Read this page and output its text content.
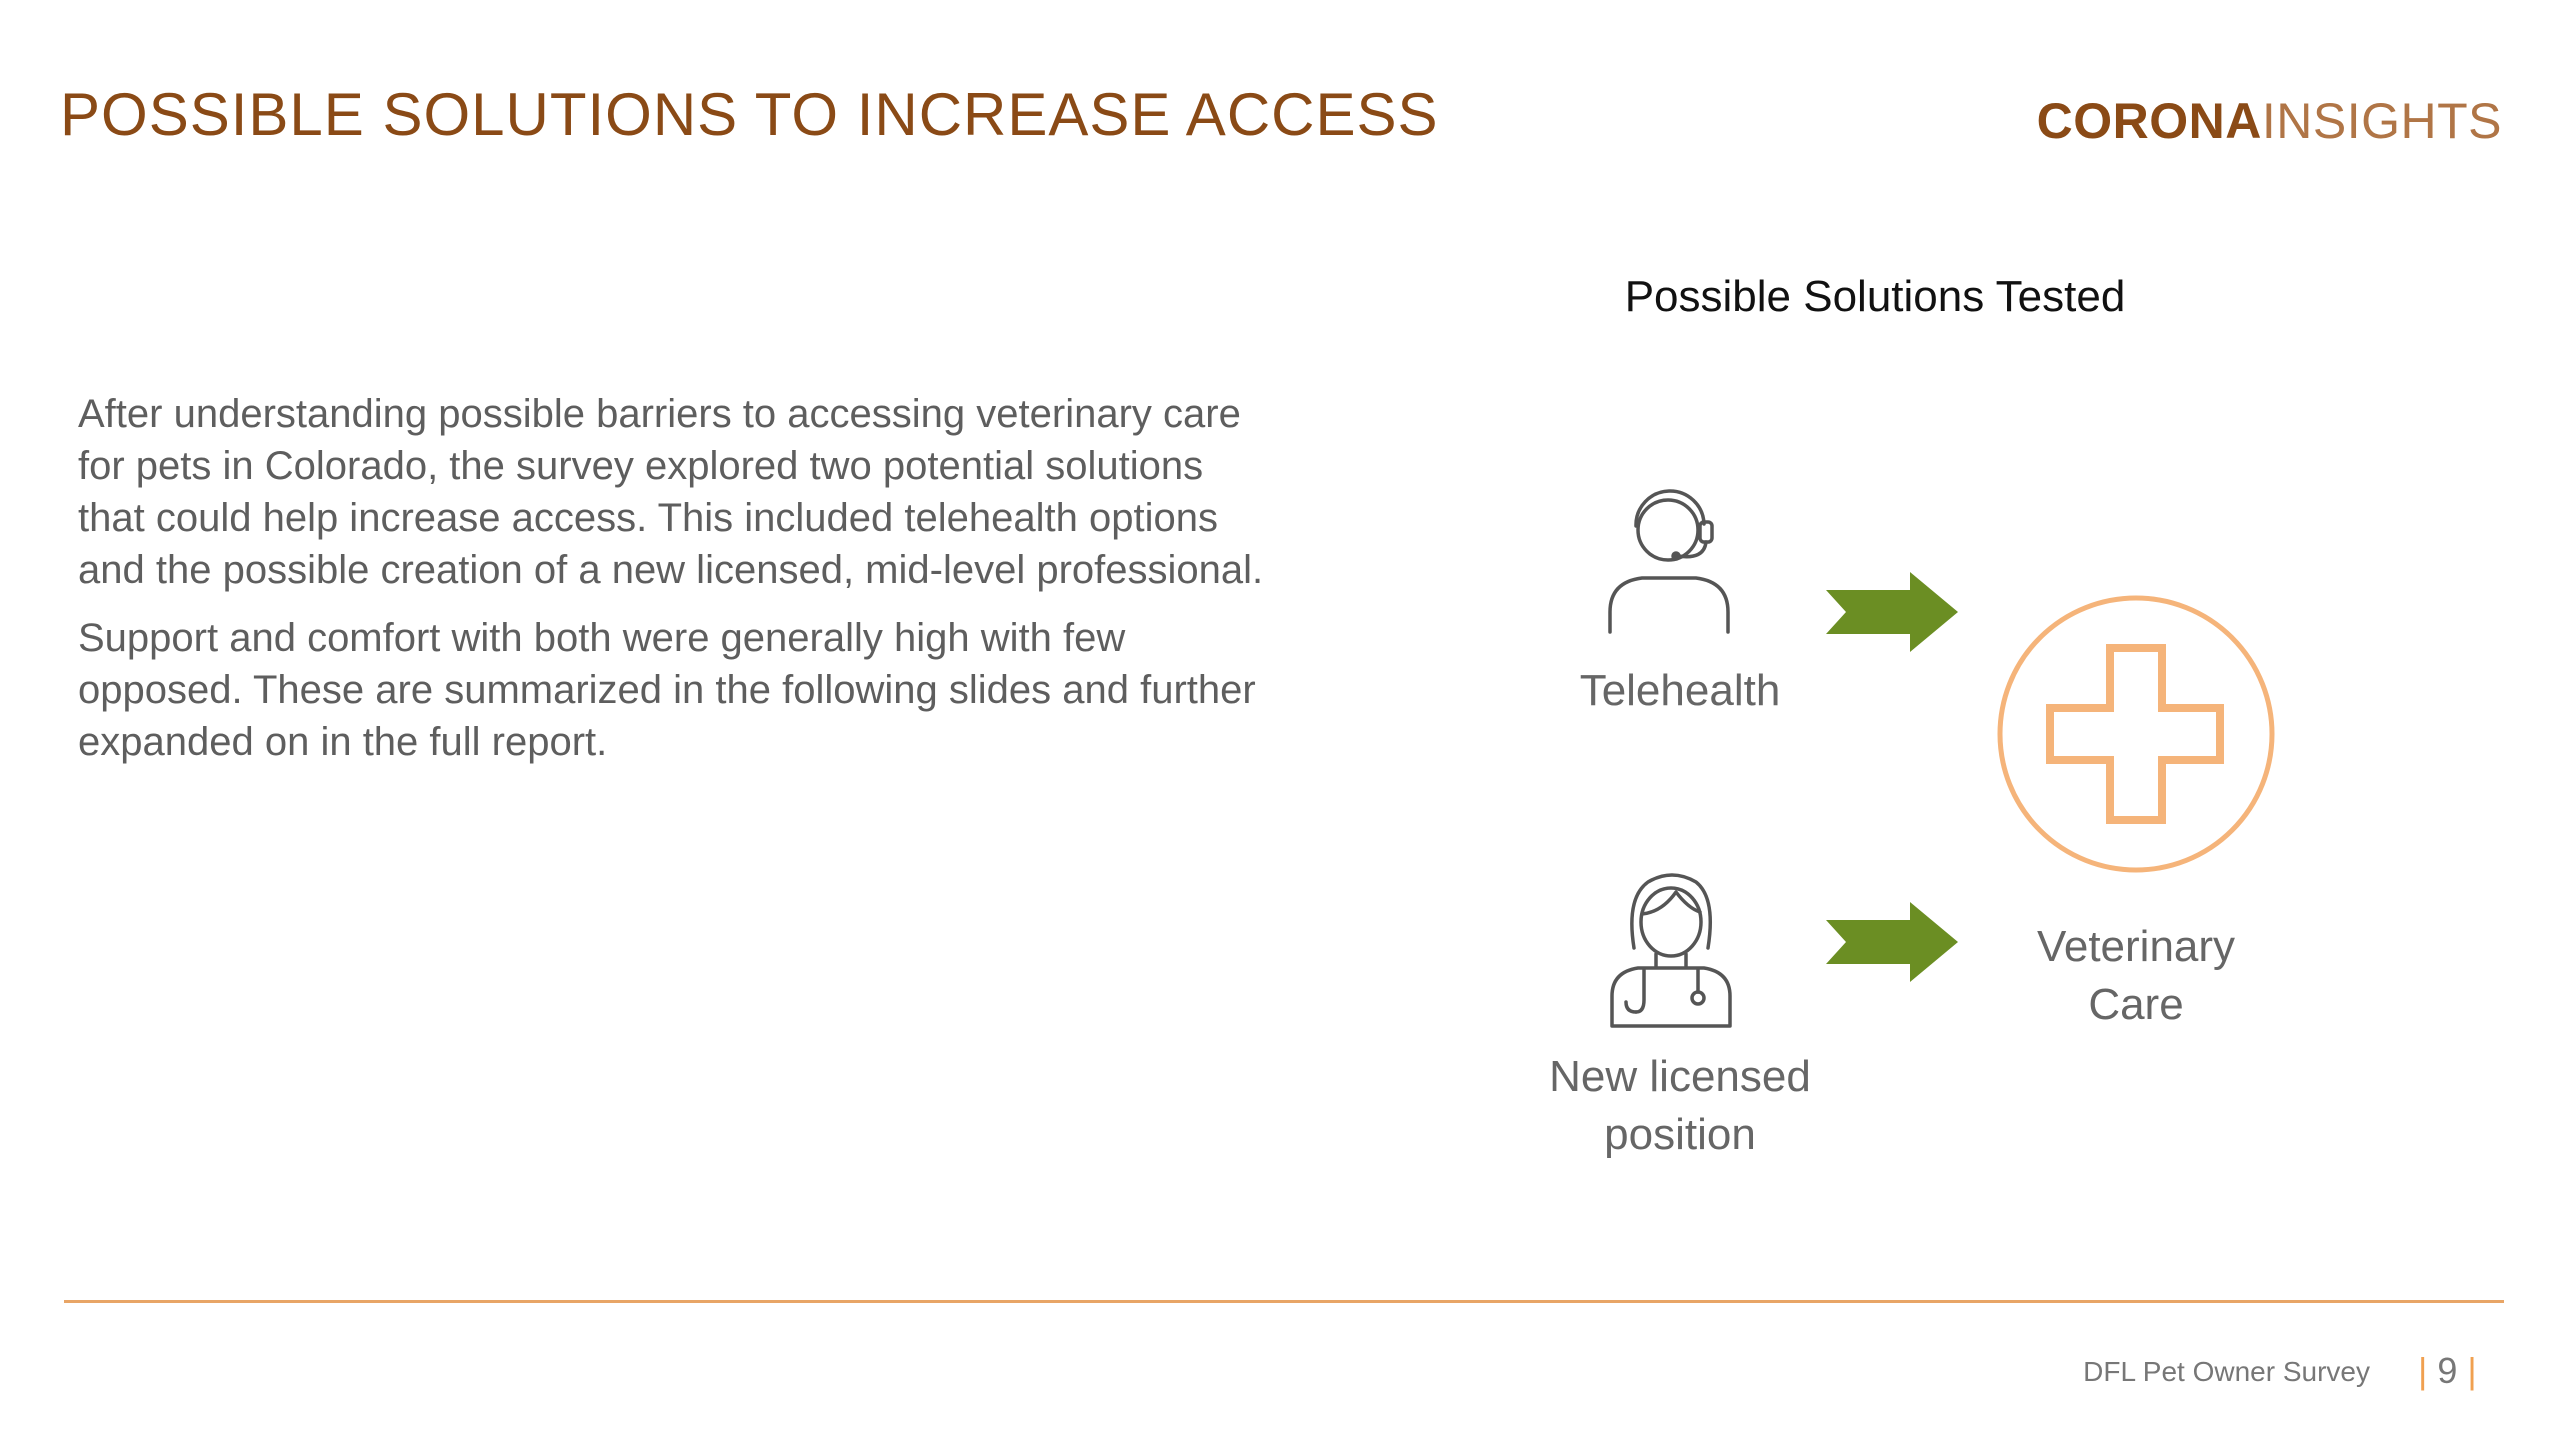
POSSIBLE SOLUTIONS TO INCREASE ACCESS	CORONAINSIGHTS

After understanding possible barriers to accessing veterinary care for pets in Colorado, the survey explored two potential solutions that could help increase access. This included telehealth options and the possible creation of a new licensed, mid-level professional.

Support and comfort with both were generally high with few opposed. These are summarized in the following slides and further expanded on in the full report.

Possible Solutions Tested
Telehealth
New licensed
position
Veterinary
Care
DFL Pet Owner Survey | 9 |
